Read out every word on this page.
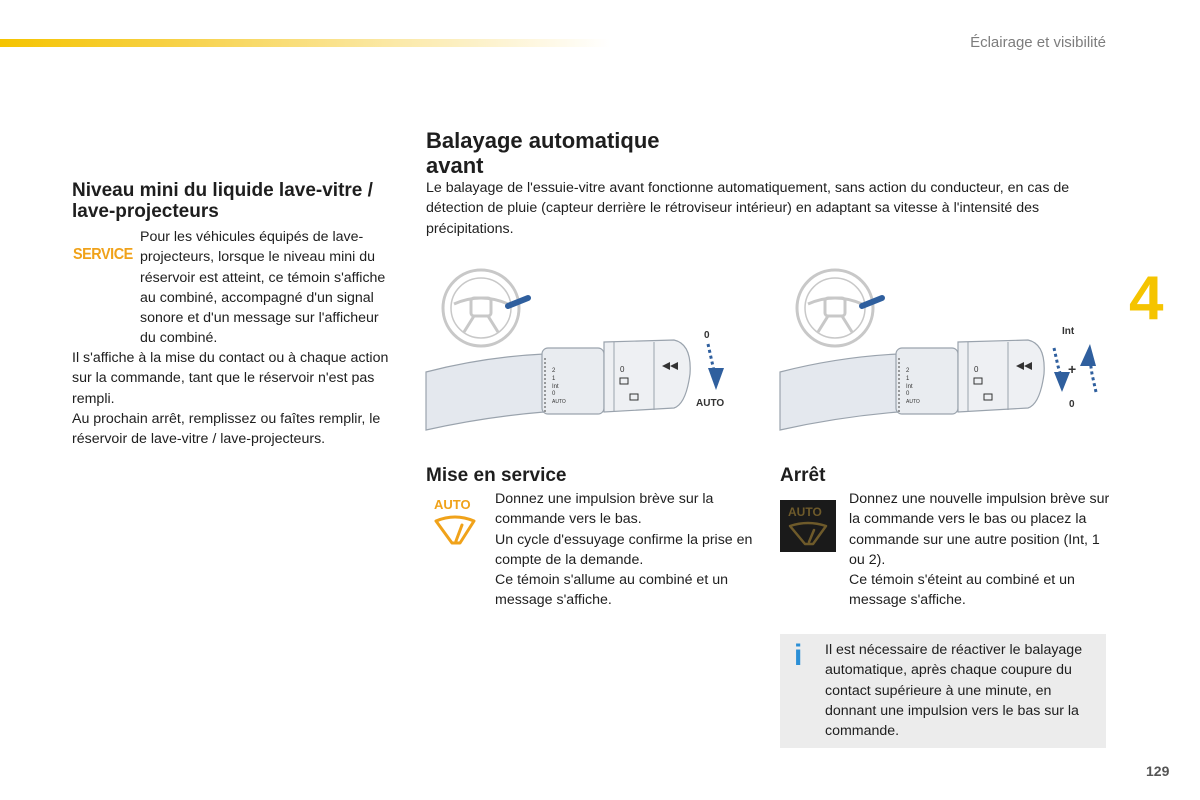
Éclairage et visibilité
4
Niveau mini du liquide lave-vitre / lave-projecteurs
SERVICE

Pour les véhicules équipés de lave-projecteurs, lorsque le niveau mini du réservoir est atteint, ce témoin s'affiche au combiné, accompagné d'un signal sonore et d'un message sur l'afficheur du combiné.

Il s'affiche à la mise du contact ou à chaque action sur la commande, tant que le réservoir n'est pas rempli.

Au prochain arrêt, remplissez ou faîtes remplir, le réservoir de lave-vitre / lave-projecteurs.

Balayage automatique
avant

Le balayage de l'essuie-vitre avant fonctionne automatiquement, sans action du conducteur, en cas de détection de pluie (capteur derrière le rétroviseur intérieur) en adaptant sa vitesse à l'intensité des précipitations.

2
1
Int
0
AUTO
0
0
AUTO
2
1
Int
0
AUTO
0	+
Int
0
Mise en service
AUTO Donnez une impulsion brève sur la commande vers le bas.

Un cycle d'essuyage confirme la prise en compte de la demande.

Ce témoin s'allume au combiné et un message s'affiche.

Arrêt
AUTO

Donnez une nouvelle impulsion brève sur la commande vers le bas ou placez la commande sur une autre position (Int, 1 ou 2).

Ce témoin s'éteint au combiné et un message s'affiche.

i Il est nécessaire de réactiver le balayage automatique, après chaque coupure du contact supérieure à une minute, en donnant une impulsion vers le bas sur la commande.

129
